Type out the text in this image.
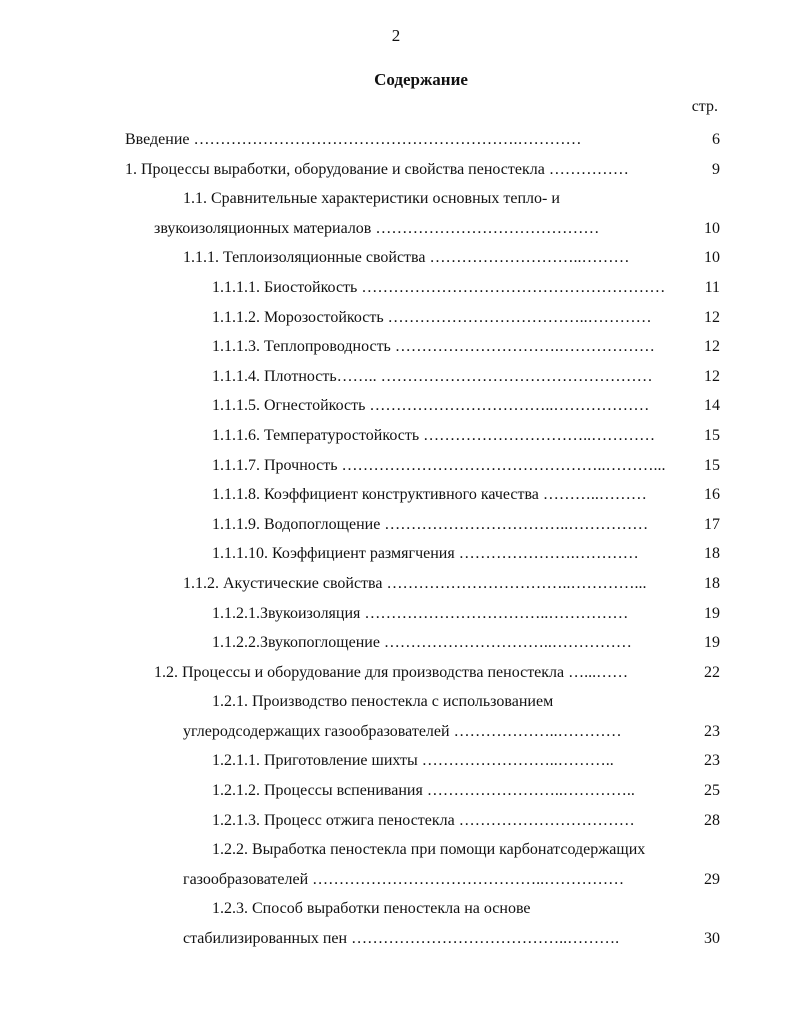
2
Содержание
стр.
Введение …………………………………………………….…………	6
1. Процессы выработки, оборудование и свойства пеностекла ……………	9
1.1. Сравнительные характеристики основных тепло- и
звукоизоляционных материалов ……………………………………	10
1.1.1. Теплоизоляционные свойства ………………………..………	10
1.1.1.1. Биостойкость …………………………………………………	11
1.1.1.2. Морозостойкость ………………………………..…………	12
1.1.1.3. Теплопроводность ………………………….………………	12
1.1.1.4. Плотность…….. ……………………………………………	12
1.1.1.5. Огнестойкость ……………………………..………………	14
1.1.1.6. Температуростойкость …………………………..…………	15
1.1.1.7. Прочность …………………………………………..………...	15
1.1.1.8. Коэффициент конструктивного качества ………..………	16
1.1.1.9. Водопоглощение ……………………………..……………	17
1.1.1.10. Коэффициент размягчения ………………….…………	18
1.1.2. Акустические свойства ……………………………..…………...	18
1.1.2.1.Звукоизоляция ……………………………..……………	19
1.1.2.2.Звукопоглощение …………………………..……………	19
1.2. Процессы и оборудование для производства пеностекла …...……	22
1.2.1. Производство пеностекла с использованием
углеродсодержащих газообразователей ………………..…………	23
1.2.1.1. Приготовление шихты ……………………..………..	23
1.2.1.2. Процессы вспенивания ……………………..…………..	25
1.2.1.3. Процесс отжига пеностекла ……………………………	28
1.2.2. Выработка пеностекла при помощи карбонатсодержащих
газообразователей ……………………………………..……………	29
1.2.3. Способ выработки пеностекла на основе
стабилизированных пен …………………………………..……….	30
